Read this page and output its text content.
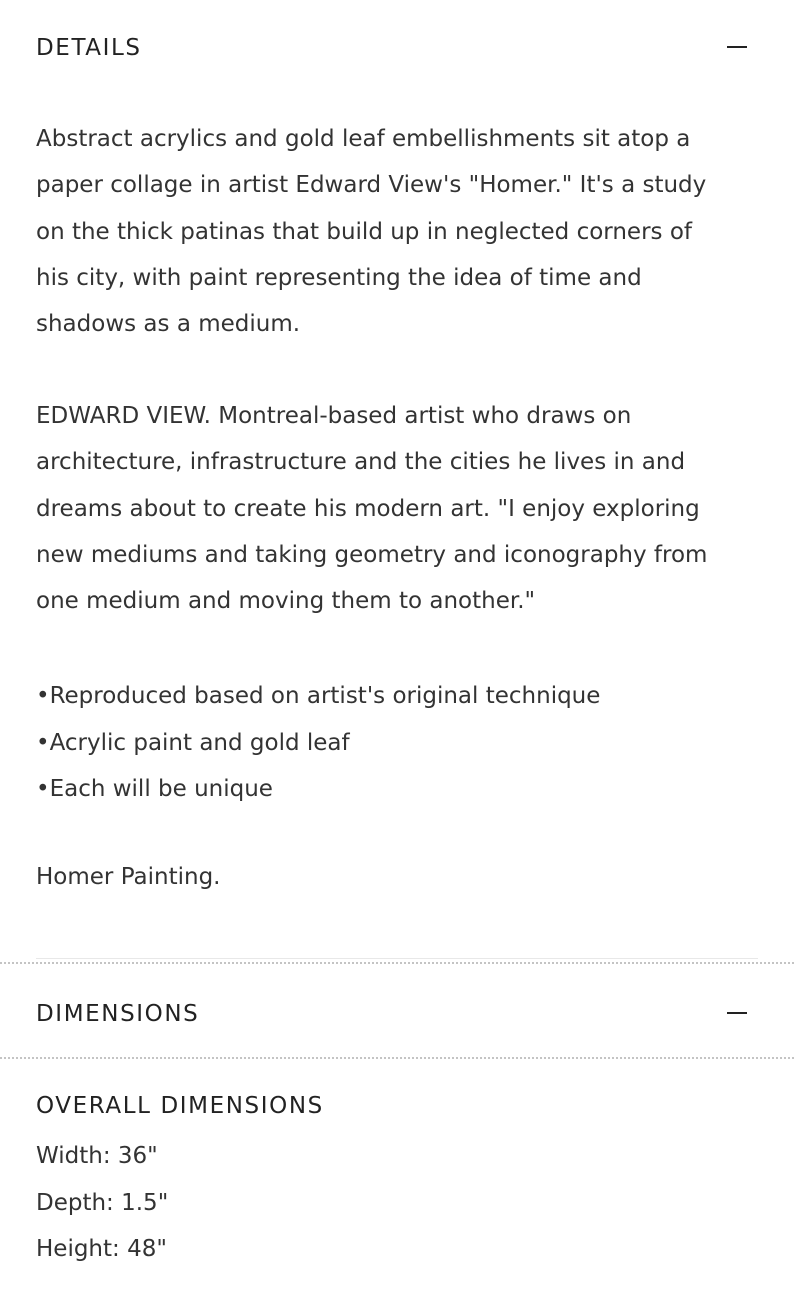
DETAILS

Abstract acrylics and gold leaf embellishments sit atop a

paper collage in artist Edward View's "Homer." It's a study

on the thick patinas that build up in neglected corners of

his city, with paint representing the idea of time and

shadows as a medium.

EDWARD VIEW. Montreal-based artist who draws on

architecture, infrastructure and the cities he lives in and

dreams about to create his modern art. "I enjoy exploring

new mediums and taking geometry and iconography from

one medium and moving them to another."

•Reproduced based on artist's original technique
•Acrylic paint and gold leaf
•Each will be unique
Homer Painting.
DIMENSIONS
OVERALL DIMENSIONS
Width: 36"
Depth: 1.5"
Height: 48"
